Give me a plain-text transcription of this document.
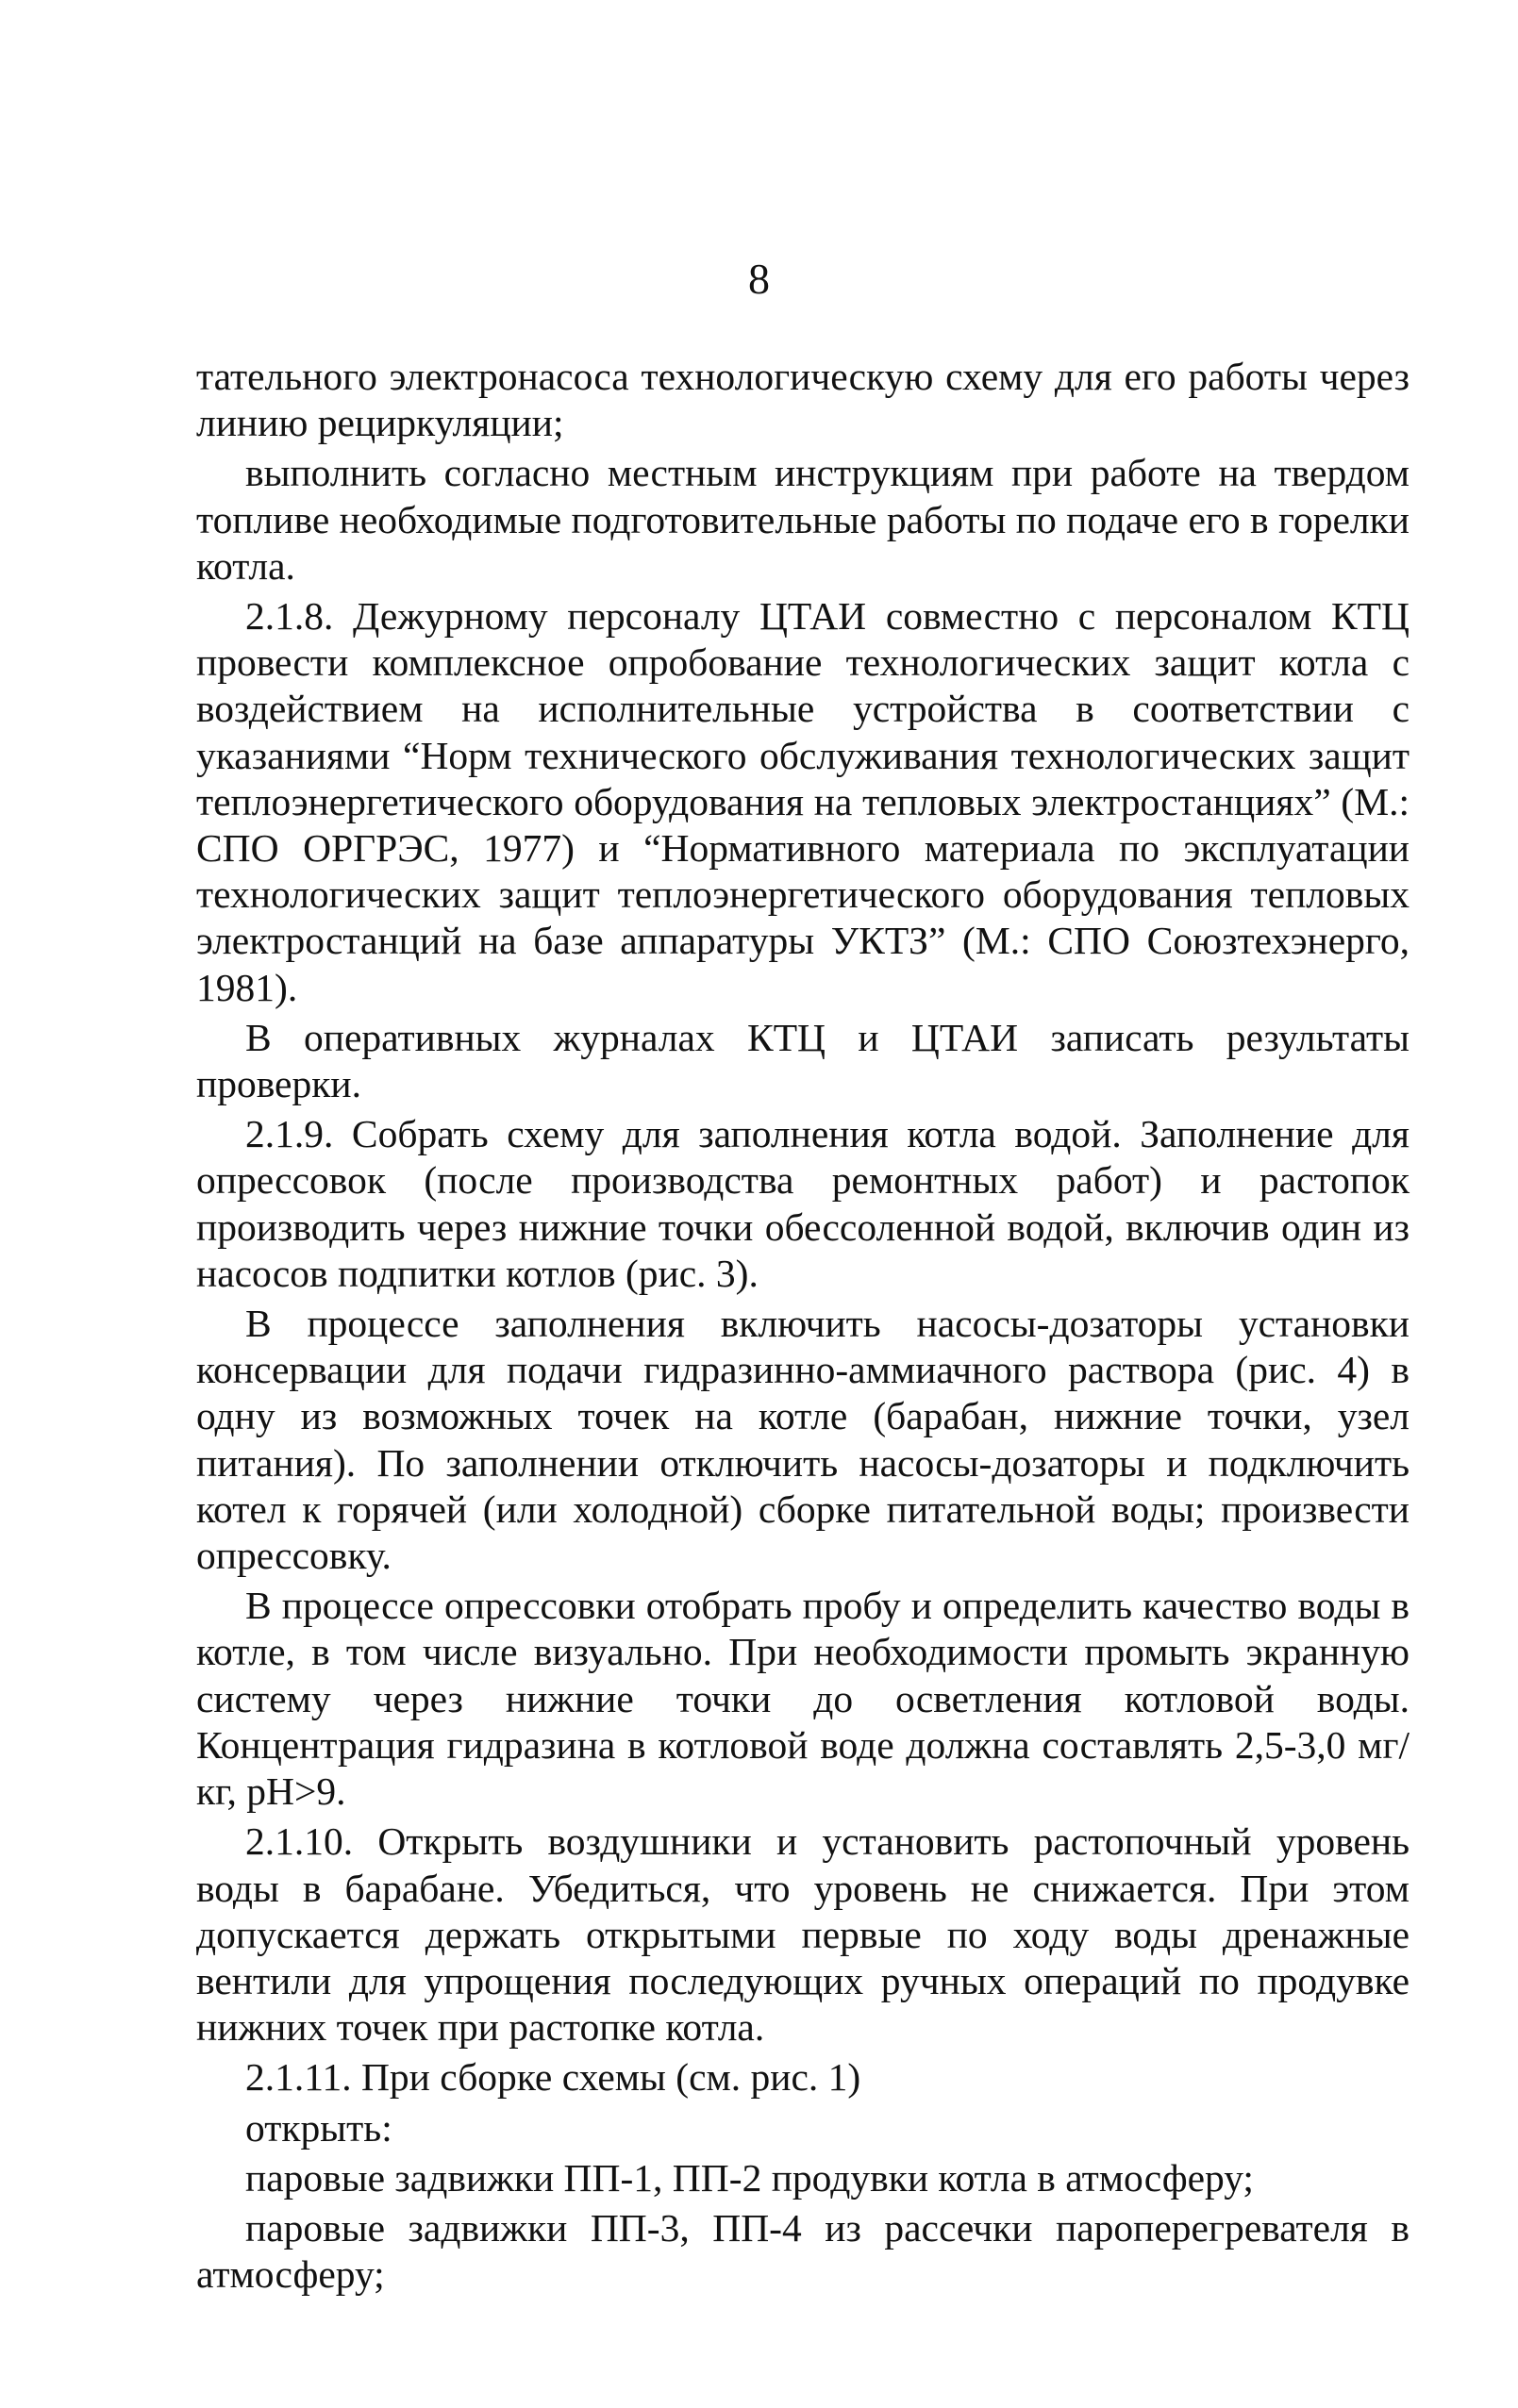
8

тательного электронасоса технологическую схему для его работы через линию рециркуляции;

выполнить согласно местным инструкциям при работе на твердом топливе необходимые подготовительные работы по подаче его в горелки котла.

2.1.8. Дежурному персоналу ЦТАИ совместно с персоналом КТЦ провести комплексное опробование технологических защит котла с воздействием на исполнительные устройства в соответствии с указаниями “Норм технического обслуживания технологических защит теплоэнергетического оборудования на тепловых электростанциях” (М.: СПО ОРГРЭС, 1977) и “Нормативного материала по эксплуатации технологических защит теплоэнергетического оборудования тепловых электростанций на базе аппаратуры УКТЗ” (М.: СПО Союзтехэнерго, 1981).

В оперативных журналах КТЦ и ЦТАИ записать результаты проверки.

2.1.9. Собрать схему для заполнения котла водой. Заполнение для опрессовок (после производства ремонтных работ) и растопок производить через нижние точки обессоленной водой, включив один из насосов подпитки котлов (рис. 3).

В процессе заполнения включить насосы-дозаторы установки консервации для подачи гидразинно-аммиачного раствора (рис. 4) в одну из возможных точек на котле (барабан, нижние точки, узел питания). По заполнении отключить насосы-дозаторы и подключить котел к горячей (или холодной) сборке питательной воды; произвести опрессовку.

В процессе опрессовки отобрать пробу и определить качество воды в котле, в том числе визуально. При необходимости промыть экранную систему через нижние точки до осветления котловой воды. Концентрация гидразина в котловой воде должна составлять 2,5-3,0 мг/кг, pH>9.

2.1.10. Открыть воздушники и установить растопочный уровень воды в барабане. Убедиться, что уровень не снижается. При этом допускается держать открытыми первые по ходу воды дренажные вентили для упрощения последующих ручных операций по продувке нижних точек при растопке котла.

2.1.11. При сборке схемы (см. рис. 1)

открыть:

паровые задвижки ПП-1, ПП-2 продувки котла в атмосферу;

паровые задвижки ПП-3, ПП-4 из рассечки пароперегревателя в атмосферу;
